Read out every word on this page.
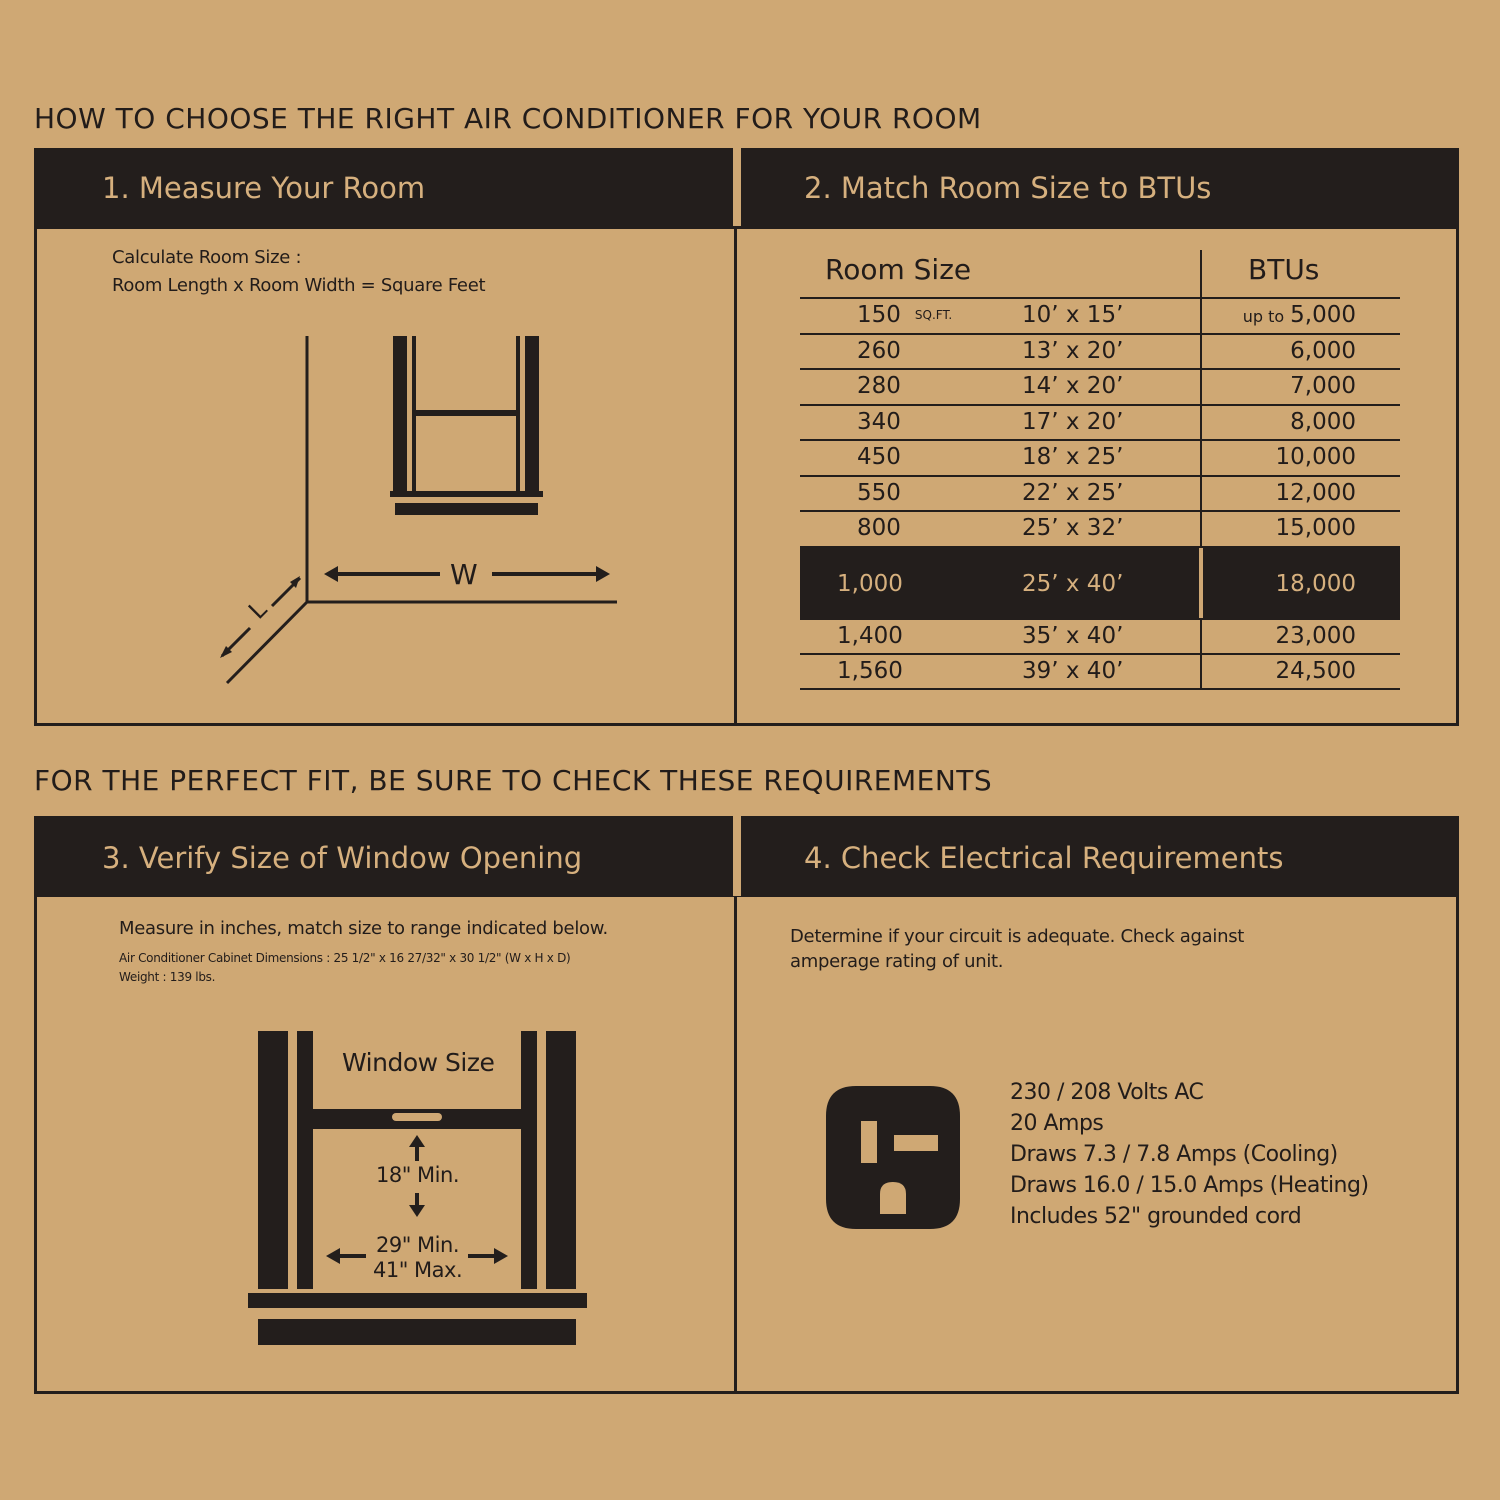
HOW TO CHOOSE THE RIGHT AIR CONDITIONER FOR YOUR ROOM
FOR THE PERFECT FIT, BE SURE TO CHECK THESE REQUIREMENTS
1. Measure Your Room	2. Match Room Size to BTUs
Calculate Room Size :
Room Length x Room Width = Square Feet
W
L
Room Size	BTUs
150 SQ.FT.	10’ x 15’	up to 5,000
260	13’ x 20’	6,000
280	14’ x 20’	7,000
340	17’ x 20’	8,000
450	18’ x 25’	10,000
550	22’ x 25’	12,000
800	25’ x 32’	15,000
1,000	25’ x 40’	18,000
1,400	35’ x 40’	23,000
1,560	39’ x 40’	24,500
3. Verify Size of Window Opening	4. Check Electrical Requirements
Measure in inches, match size to range indicated below.
Air Conditioner Cabinet Dimensions : 25 1/2" x 16 27/32" x 30 1/2" (W x H x D)
Weight : 139 lbs.
Window Size
18" Min.
29" Min.
41" Max.
Determine if your circuit is adequate. Check against
amperage rating of unit.
230 / 208 Volts AC
20 Amps
Draws 7.3 / 7.8 Amps (Cooling)
Draws 16.0 / 15.0 Amps (Heating)
Includes 52" grounded cord
